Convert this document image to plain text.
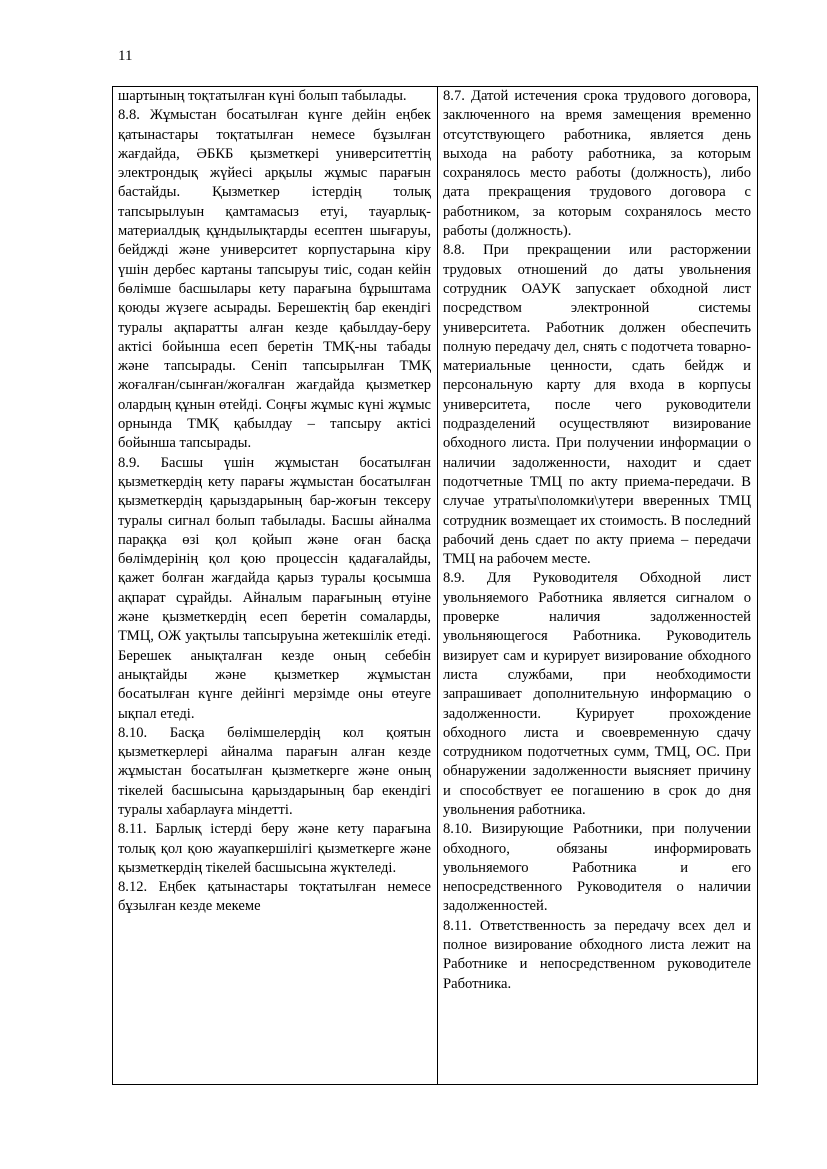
11

шартының тоқтатылған күні болып табылады.

8.8. Жұмыстан босатылған күнге дейін еңбек қатынастары тоқтатылған немесе бұзылған жағдайда, ӘБКБ қызметкері университеттің электрондық жүйесі арқылы жұмыс парағын бастайды. Қызметкер істердің толық тапсырылуын қамтамасыз етуі, тауарлық-материалдық құндылықтарды есептен шығаруы, бейджді және университет корпустарына кіру үшін дербес картаны тапсыруы тиіс, содан кейін бөлімше басшылары кету парағына бұрыштама қоюды жүзеге асырады. Берешектің бар екендігі туралы ақпаратты алған кезде қабылдау-беру актісі бойынша есеп беретін ТМҚ-ны табады және тапсырады. Сеніп тапсырылған ТМҚ жоғалған/сынған/жоғалған жағдайда қызметкер олардың құнын өтейді. Соңғы жұмыс күні жұмыс орнында ТМҚ қабылдау – тапсыру актісі бойынша тапсырады.

8.9. Басшы үшін жұмыстан босатылған қызметкердің кету парағы жұмыстан босатылған қызметкердің қарыздарының бар-жоғын тексеру туралы сигнал болып табылады. Басшы айналма параққа өзі қол қойып және оған басқа бөлімдерінің қол қою процессін қадағалайды, қажет болған жағдайда қарыз туралы қосымша ақпарат сұрайды. Айналым парағының өтуіне және қызметкердің есеп беретін сомаларды, ТМЦ, ОЖ уақтылы тапсыруына жетекшілік етеді. Берешек анықталған кезде оның себебін анықтайды және қызметкер жұмыстан босатылған күнге дейінгі мерзімде оны өтеуге ықпал етеді.

8.10. Басқа бөлімшелердің кол қоятын қызметкерлері айналма парағын алған кезде жұмыстан босатылған қызметкерге және оның тікелей басшысына қарыздарының бар екендігі туралы хабарлауға міндетті.

8.11. Барлық істерді беру және кету парағына толық қол қою жауапкершілігі қызметкерге және қызметкердің тікелей басшысына жүктеледі.

8.12. Еңбек қатынастары тоқтатылған немесе бұзылған кезде мекеме

8.7. Датой истечения срока трудового договора, заключенного на время замещения временно отсутствующего работника, является день выхода на работу работника, за которым сохранялось место работы (должность), либо дата прекращения трудового договора с работником, за которым сохранялось место работы (должность).

8.8. При прекращении или расторжении трудовых отношений до даты увольнения сотрудник ОАУК запускает обходной лист посредством электронной системы университета. Работник должен обеспечить полную передачу дел, снять с подотчета товарно-материальные ценности, сдать бейдж и персональную карту для входа в корпусы университета, после чего руководители подразделений осуществляют визирование обходного листа. При получении информации о наличии задолженности, находит и сдает подотчетные ТМЦ по акту приема-передачи. В случае утраты\поломки\утери вверенных ТМЦ сотрудник возмещает их стоимость. В последний рабочий день сдает по акту приема – передачи ТМЦ на рабочем месте.

8.9. Для Руководителя Обходной лист увольняемого Работника является сигналом о проверке наличия задолженностей увольняющегося Работника. Руководитель визирует сам и курирует визирование обходного листа службами, при необходимости запрашивает дополнительную информацию о задолженности. Курирует прохождение обходного листа и своевременную сдачу сотрудником подотчетных сумм, ТМЦ, ОС. При обнаружении задолженности выясняет причину и способствует ее погашению в срок до дня увольнения работника.

8.10. Визирующие Работники, при получении обходного, обязаны информировать увольняемого Работника и его непосредственного Руководителя о наличии задолженностей.

8.11. Ответственность за передачу всех дел и полное визирование обходного листа лежит на Работнике и непосредственном руководителе Работника.
